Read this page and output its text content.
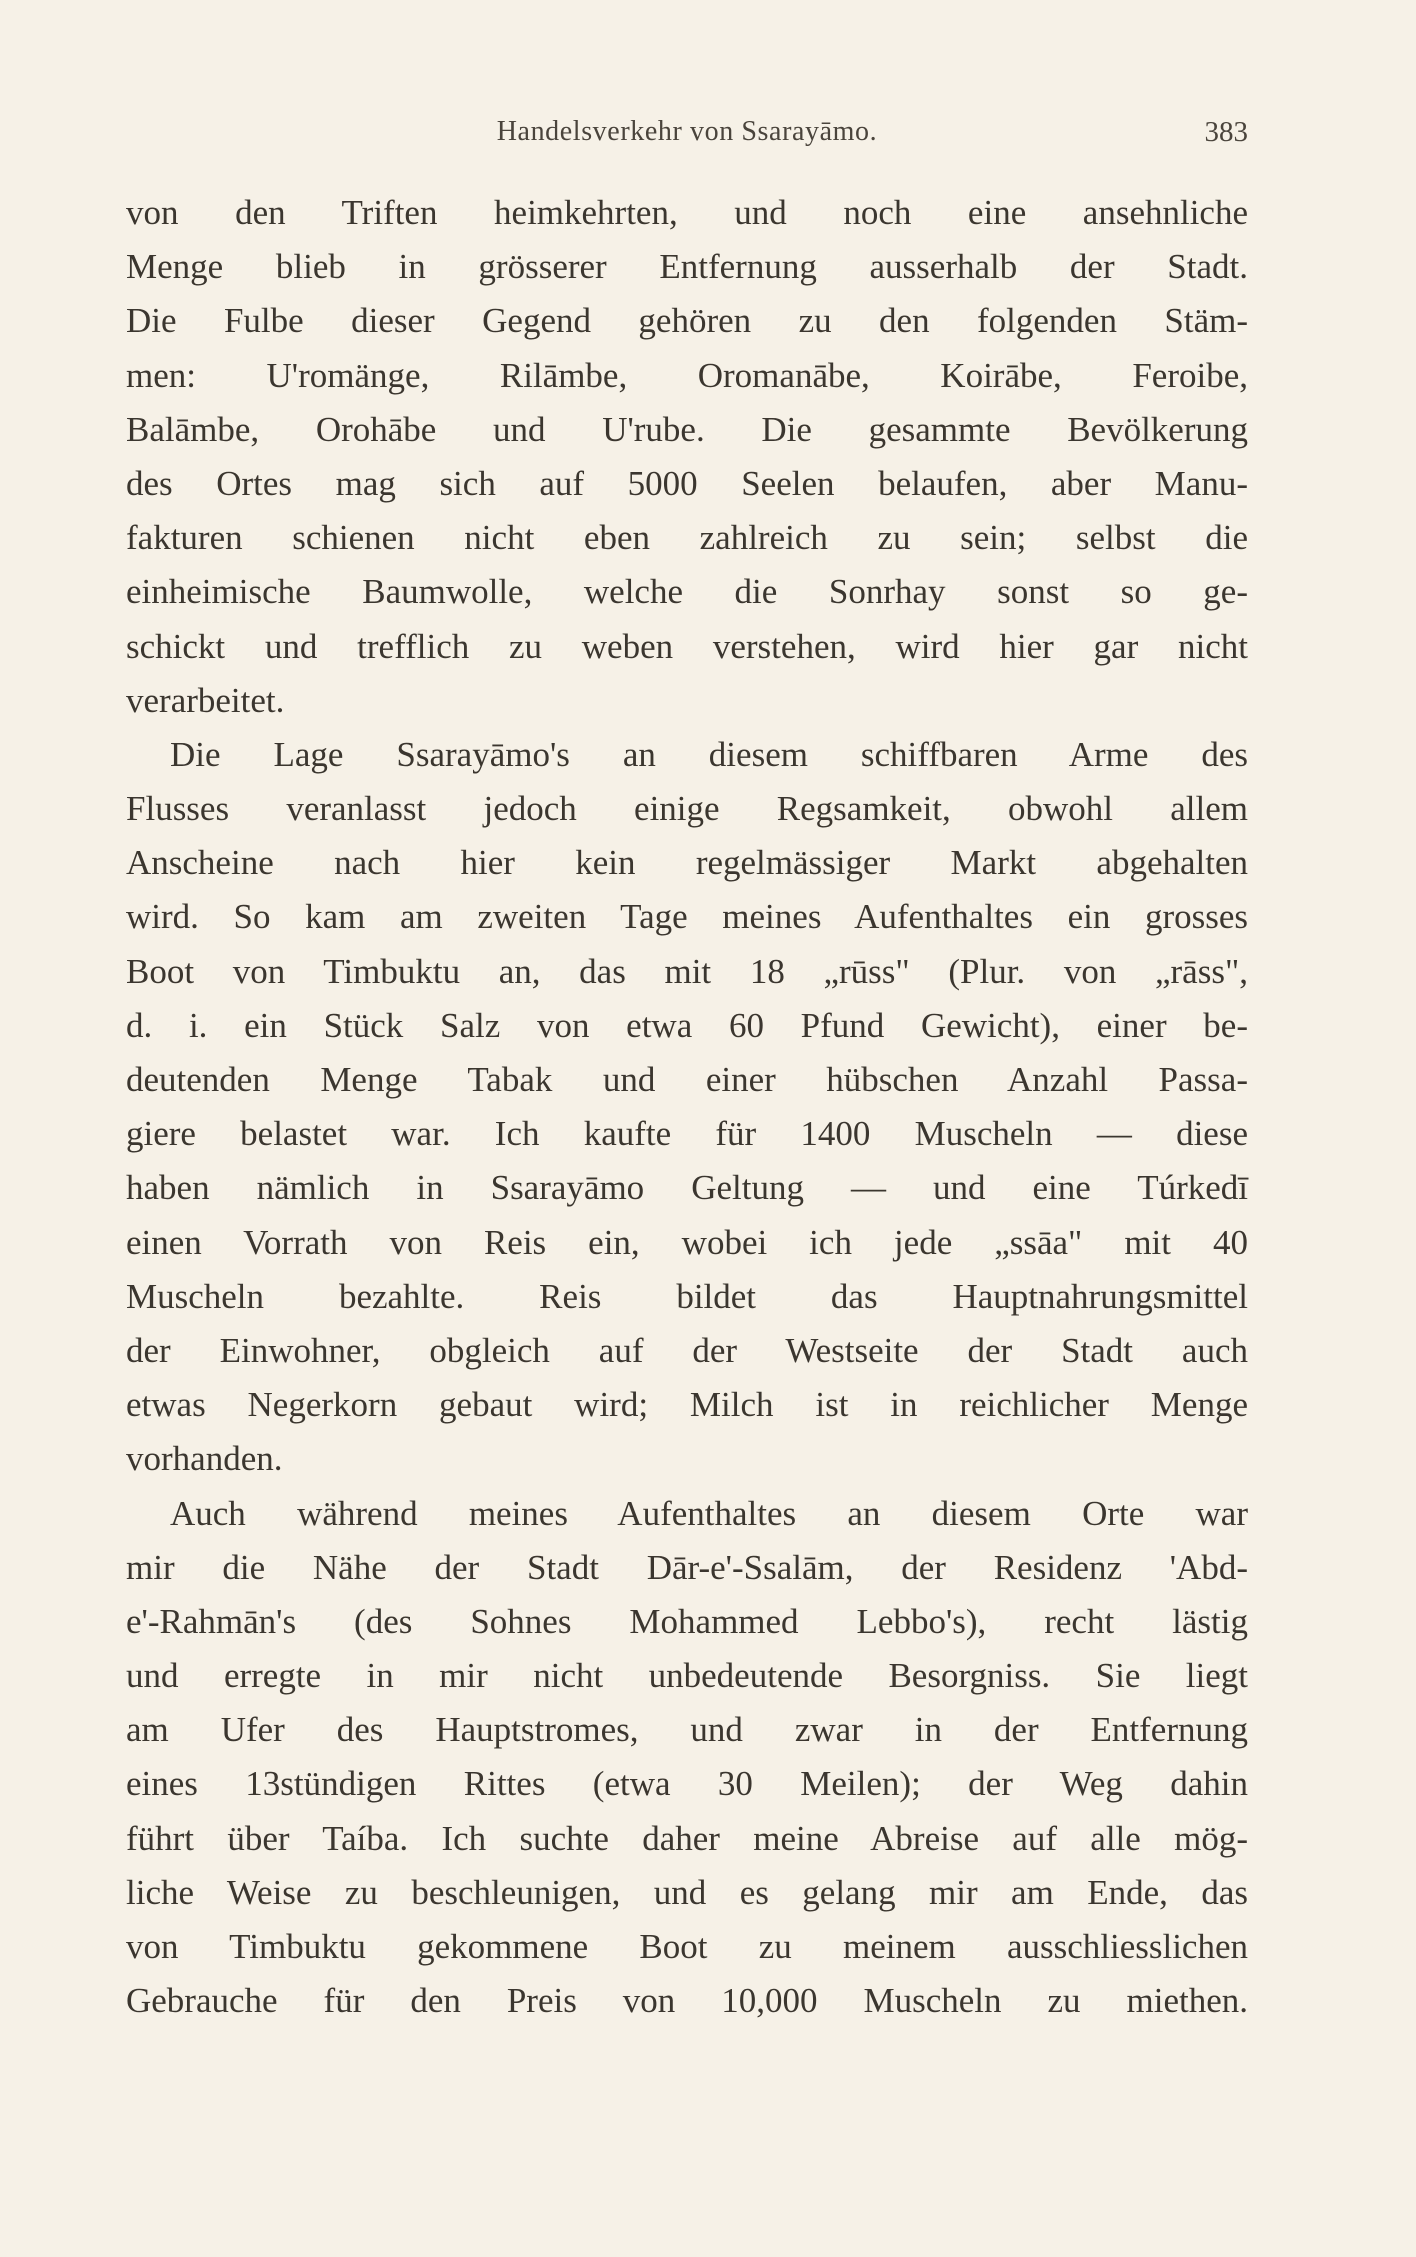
Handelsverkehr von Ssarayāmo.	383
von den Triften heimkehrten, und noch eine ansehnliche
Menge blieb in grösserer Entfernung ausserhalb der Stadt.
Die Fulbe dieser Gegend gehören zu den folgenden Stäm-
men: U'romänge, Rilāmbe, Oromanābe, Koirābe, Feroibe,
Balāmbe, Orohābe und U'rube. Die gesammte Bevölkerung
des Ortes mag sich auf 5000 Seelen belaufen, aber Manu-
fakturen schienen nicht eben zahlreich zu sein; selbst die
einheimische Baumwolle, welche die Sonrhay sonst so ge-
schickt und trefflich zu weben verstehen, wird hier gar nicht
verarbeitet.
Die Lage Ssarayāmo's an diesem schiffbaren Arme des
Flusses veranlasst jedoch einige Regsamkeit, obwohl allem
Anscheine nach hier kein regelmässiger Markt abgehalten
wird. So kam am zweiten Tage meines Aufenthaltes ein grosses
Boot von Timbuktu an, das mit 18 „rūss" (Plur. von „rāss",
d. i. ein Stück Salz von etwa 60 Pfund Gewicht), einer be-
deutenden Menge Tabak und einer hübschen Anzahl Passa-
giere belastet war. Ich kaufte für 1400 Muscheln — diese
haben nämlich in Ssarayāmo Geltung — und eine Túrkedī
einen Vorrath von Reis ein, wobei ich jede „ssāa" mit 40
Muscheln bezahlte. Reis bildet das Hauptnahrungsmittel
der Einwohner, obgleich auf der Westseite der Stadt auch
etwas Negerkorn gebaut wird; Milch ist in reichlicher Menge
vorhanden.
Auch während meines Aufenthaltes an diesem Orte war
mir die Nähe der Stadt Dār-e'-Ssalām, der Residenz 'Abd-
e'-Rahmān's (des Sohnes Mohammed Lebbo's), recht lästig
und erregte in mir nicht unbedeutende Besorgniss. Sie liegt
am Ufer des Hauptstromes, und zwar in der Entfernung
eines 13stündigen Rittes (etwa 30 Meilen); der Weg dahin
führt über Taíba. Ich suchte daher meine Abreise auf alle mög-
liche Weise zu beschleunigen, und es gelang mir am Ende, das
von Timbuktu gekommene Boot zu meinem ausschliesslichen
Gebrauche für den Preis von 10,000 Muscheln zu miethen.
